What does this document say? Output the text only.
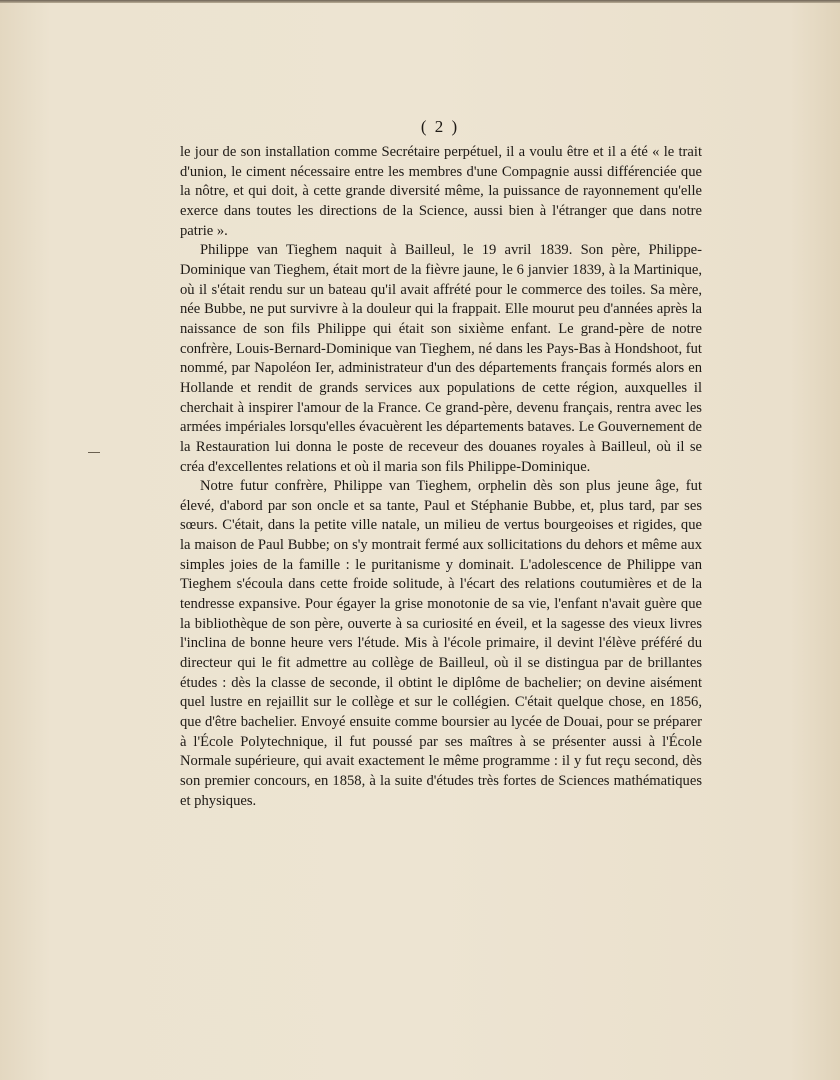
( 2 )

le jour de son installation comme Secrétaire perpétuel, il a voulu être et il a été « le trait d'union, le ciment nécessaire entre les membres d'une Compagnie aussi différenciée que la nôtre, et qui doit, à cette grande diversité même, la puissance de rayonnement qu'elle exerce dans toutes les directions de la Science, aussi bien à l'étranger que dans notre patrie ».

Philippe van Tieghem naquit à Bailleul, le 19 avril 1839. Son père, Philippe-Dominique van Tieghem, était mort de la fièvre jaune, le 6 janvier 1839, à la Martinique, où il s'était rendu sur un bateau qu'il avait affrété pour le commerce des toiles. Sa mère, née Bubbe, ne put survivre à la douleur qui la frappait. Elle mourut peu d'années après la naissance de son fils Philippe qui était son sixième enfant. Le grand-père de notre confrère, Louis-Bernard-Dominique van Tieghem, né dans les Pays-Bas à Hondshoot, fut nommé, par Napoléon Ier, administrateur d'un des départements français formés alors en Hollande et rendit de grands services aux populations de cette région, auxquelles il cherchait à inspirer l'amour de la France. Ce grand-père, devenu français, rentra avec les armées impériales lorsqu'elles évacuèrent les départements bataves. Le Gouvernement de la Restauration lui donna le poste de receveur des douanes royales à Bailleul, où il se créa d'excellentes relations et où il maria son fils Philippe-Dominique.

Notre futur confrère, Philippe van Tieghem, orphelin dès son plus jeune âge, fut élevé, d'abord par son oncle et sa tante, Paul et Stéphanie Bubbe, et, plus tard, par ses sœurs. C'était, dans la petite ville natale, un milieu de vertus bourgeoises et rigides, que la maison de Paul Bubbe; on s'y montrait fermé aux sollicitations du dehors et même aux simples joies de la famille : le puritanisme y dominait. L'adolescence de Philippe van Tieghem s'écoula dans cette froide solitude, à l'écart des relations coutumières et de la tendresse expansive. Pour égayer la grise monotonie de sa vie, l'enfant n'avait guère que la bibliothèque de son père, ouverte à sa curiosité en éveil, et la sagesse des vieux livres l'inclina de bonne heure vers l'étude. Mis à l'école primaire, il devint l'élève préféré du directeur qui le fit admettre au collège de Bailleul, où il se distingua par de brillantes études : dès la classe de seconde, il obtint le diplôme de bachelier; on devine aisément quel lustre en rejaillit sur le collège et sur le collégien. C'était quelque chose, en 1856, que d'être bachelier. Envoyé ensuite comme boursier au lycée de Douai, pour se préparer à l'École Polytechnique, il fut poussé par ses maîtres à se présenter aussi à l'École Normale supérieure, qui avait exactement le même programme : il y fut reçu second, dès son premier concours, en 1858, à la suite d'études très fortes de Sciences mathématiques et physiques.
